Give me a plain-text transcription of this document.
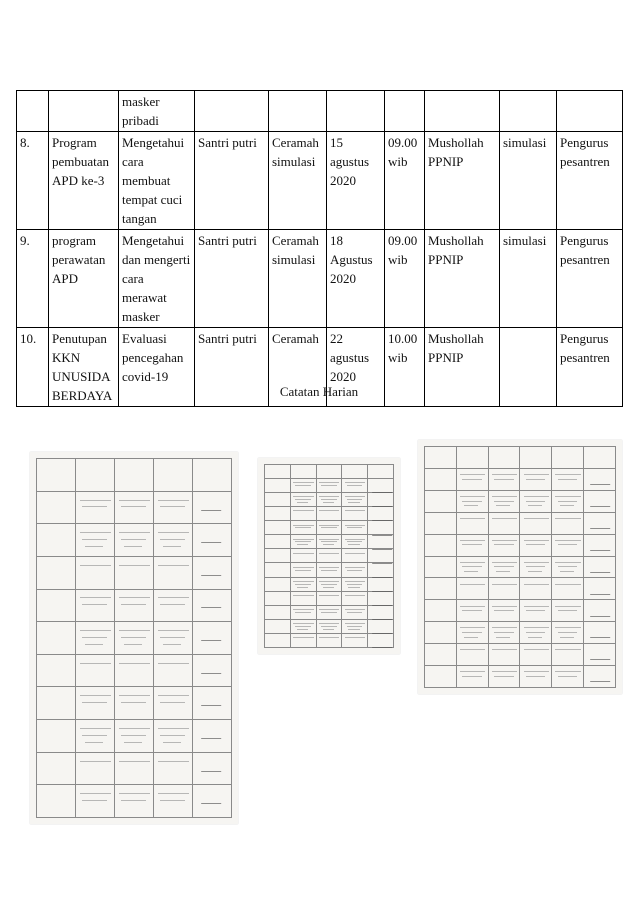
		masker pribadi							
8.	Program pembuatan APD ke-3	Mengetahui cara membuat tempat cuci tangan	Santri putri	Ceramah simulasi	15 agustus 2020	09.00 wib	Mushollah PPNIP	simulasi	Pengurus pesantren
9.	program perawatan APD	Mengetahui dan mengerti cara merawat masker	Santri putri	Ceramah simulasi	18 Agustus 2020	09.00 wib	Mushollah PPNIP	simulasi	Pengurus pesantren
10.	Penutupan KKN UNUSIDA BERDAYA	Evaluasi pencegahan covid-19	Santri putri	Ceramah	22 agustus 2020	10.00 wib	Mushollah PPNIP		Pengurus pesantren
Catatan Harian
